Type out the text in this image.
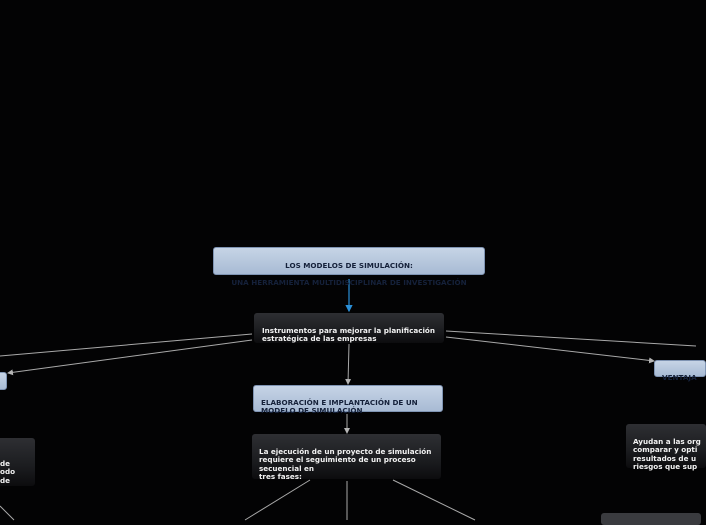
LOS MODELOS DE SIMULACIÓN:

UNA HERRAMIENTA MULTIDISCIPLINAR DE INVESTIGACIÓN

Instrumentos para mejorar la planificación
estratégica de las empresas

ELABORACIÓN E IMPLANTACIÓN DE UN
MODELO DE SIMULACIÓN

La ejecución de un proyecto de simulación
requiere el seguimiento de un proceso
secuencial en
tres fases:

VENTAJA

Ayudan a las org
comparar y opti
resultados de u
riesgos que sup

de
odo
de
